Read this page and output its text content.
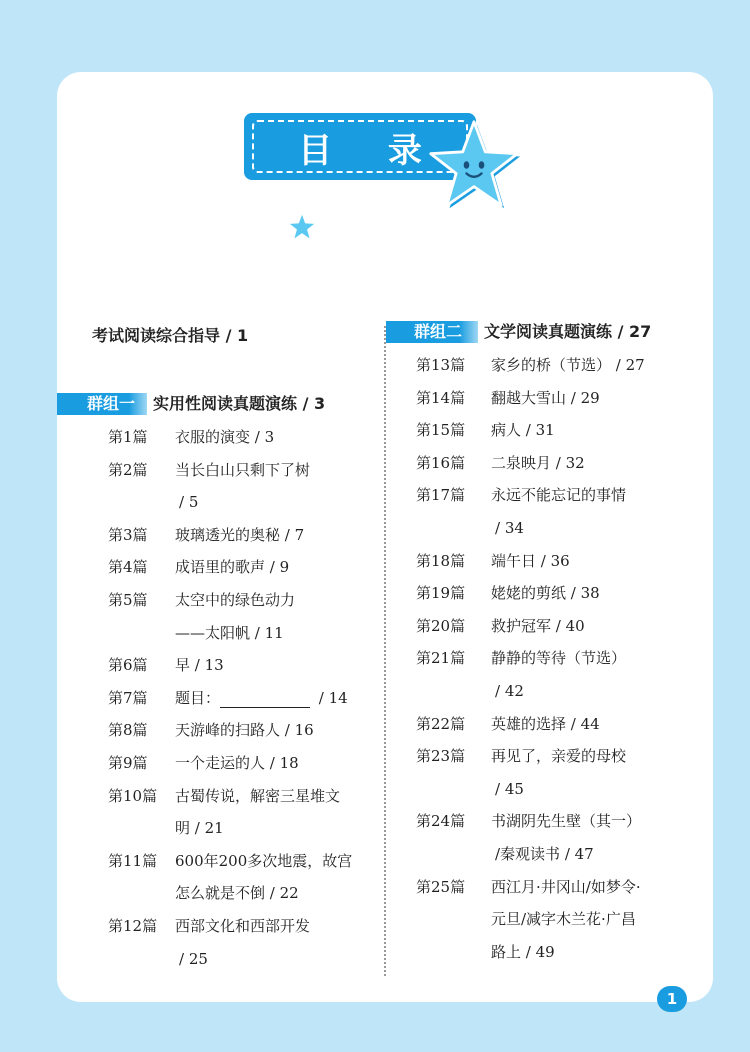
目 录
考试阅读综合指导 / 1
群组一 实用性阅读真题演练 / 3
第1篇 衣服的演变 / 3
第2篇 当长白山只剩下了树
/ 5
第3篇 玻璃透光的奥秘 / 7
第4篇 成语里的歌声 / 9
第5篇 太空中的绿色动力
——太阳帆 / 11
第6篇 早 / 13
第7篇 题目：	/ 14
第8篇 天游峰的扫路人 / 16
第9篇 一个走运的人 / 18
第10篇 古蜀传说，解密三星堆文
明 / 21
第11篇 600年200多次地震，故宫
怎么就是不倒 / 22
第12篇 西部文化和西部开发
/ 25
群组二 文学阅读真题演练 / 27
第13篇 家乡的桥（节选） / 27
第14篇 翻越大雪山 / 29
第15篇 病人 / 31
第16篇 二泉映月 / 32
第17篇 永远不能忘记的事情
/ 34
第18篇 端午日 / 36
第19篇 姥姥的剪纸 / 38
第20篇 救护冠军 / 40
第21篇 静静的等待（节选）
/ 42
第22篇 英雄的选择 / 44
第23篇 再见了，亲爱的母校
/ 45
第24篇 书湖阴先生壁（其一）
/秦观读书 / 47
第25篇 西江月·井冈山/如梦令·
元旦/减字木兰花·广昌
路上 / 49
1
